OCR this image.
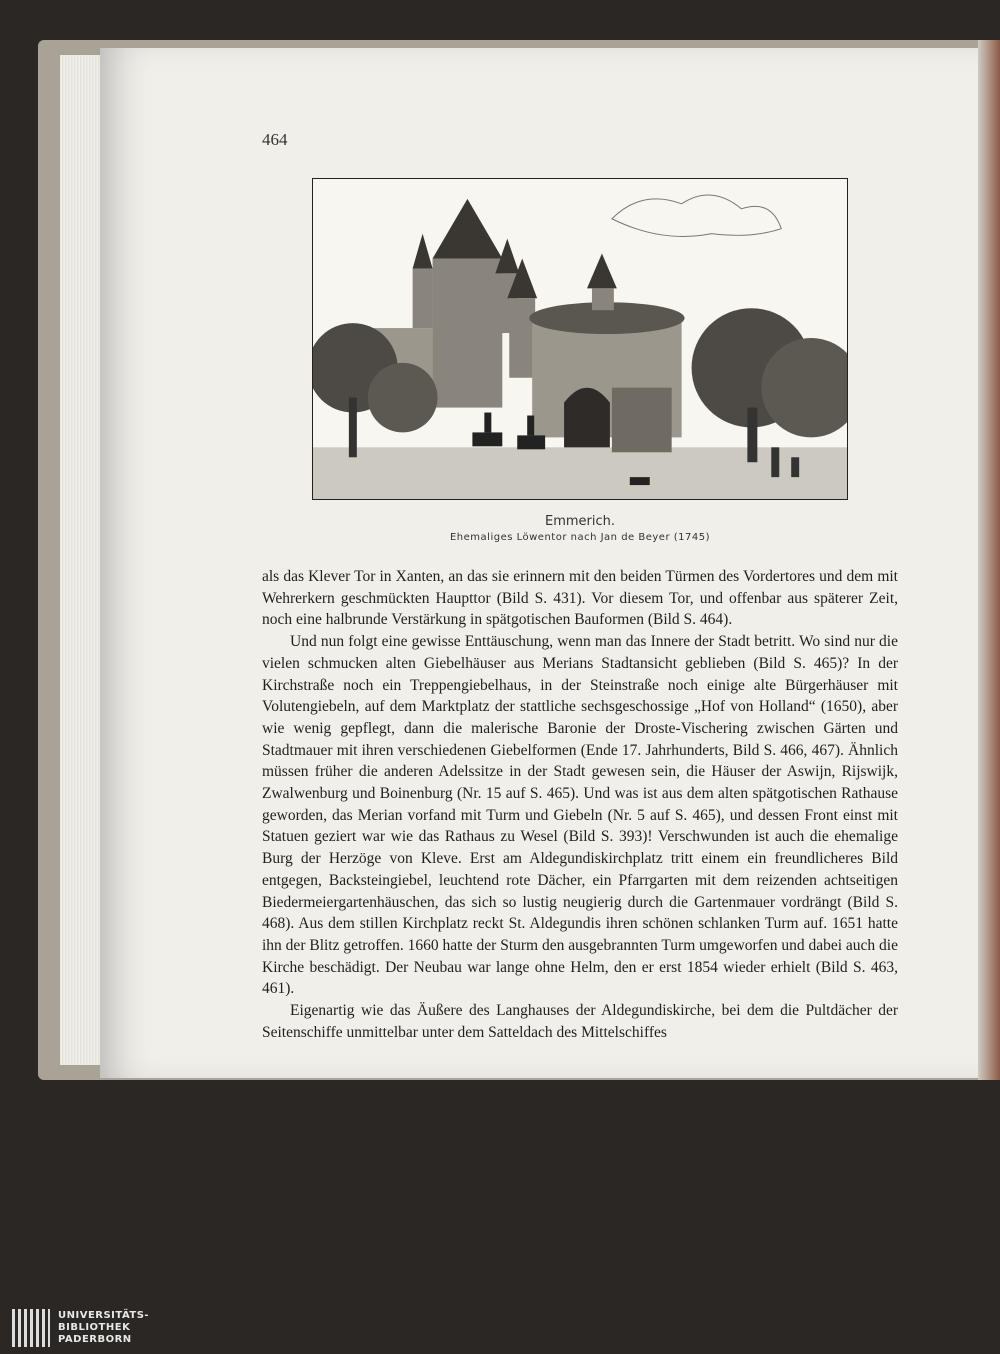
464
Emmerich.
Ehemaliges Löwentor nach Jan de Beyer (1745)

als das Klever Tor in Xanten, an das sie erinnern mit den beiden Türmen des Vordertores und dem mit Wehrerkern geschmückten Haupttor (Bild S. 431). Vor diesem Tor, und offenbar aus späterer Zeit, noch eine halbrunde Verstärkung in spätgotischen Bauformen (Bild S. 464).

Und nun folgt eine gewisse Enttäuschung, wenn man das Innere der Stadt betritt. Wo sind nur die vielen schmucken alten Giebelhäuser aus Merians Stadtansicht geblieben (Bild S. 465)? In der Kirchstraße noch ein Treppengiebelhaus, in der Steinstraße noch einige alte Bürgerhäuser mit Volutengiebeln, auf dem Marktplatz der stattliche sechsgeschossige „Hof von Holland“ (1650), aber wie wenig gepflegt, dann die malerische Baronie der Droste-Vischering zwischen Gärten und Stadtmauer mit ihren verschiedenen Giebelformen (Ende 17. Jahrhunderts, Bild S. 466, 467). Ähnlich müssen früher die anderen Adelssitze in der Stadt gewesen sein, die Häuser der Aswijn, Rijswijk, Zwalwenburg und Boinenburg (Nr. 15 auf S. 465). Und was ist aus dem alten spätgotischen Rathause geworden, das Merian vorfand mit Turm und Giebeln (Nr. 5 auf S. 465), und dessen Front einst mit Statuen geziert war wie das Rathaus zu Wesel (Bild S. 393)! Verschwunden ist auch die ehemalige Burg der Herzöge von Kleve. Erst am Aldegundiskirchplatz tritt einem ein freundlicheres Bild entgegen, Backsteingiebel, leuchtend rote Dächer, ein Pfarrgarten mit dem reizenden achtseitigen Biedermeiergartenhäuschen, das sich so lustig neugierig durch die Gartenmauer vordrängt (Bild S. 468). Aus dem stillen Kirchplatz reckt St. Aldegundis ihren schönen schlanken Turm auf. 1651 hatte ihn der Blitz getroffen. 1660 hatte der Sturm den ausgebrannten Turm umgeworfen und dabei auch die Kirche beschädigt. Der Neubau war lange ohne Helm, den er erst 1854 wieder erhielt (Bild S. 463, 461).

Eigenartig wie das Äußere des Langhauses der Aldegundiskirche, bei dem die Pultdächer der Seitenschiffe unmittelbar unter dem Satteldach des Mittelschiffes

UNIVERSITÄTS-
BIBLIOTHEK
PADERBORN
